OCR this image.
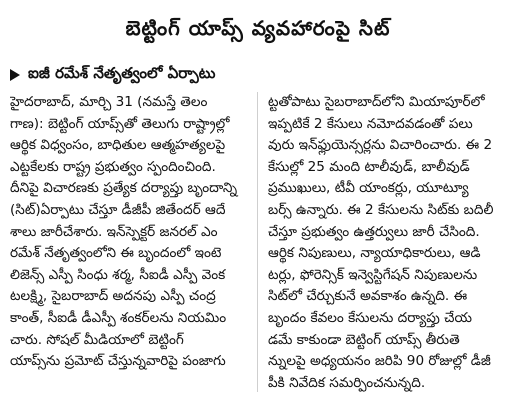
బెట్టింగ్ యాప్స్ వ్యవహారంపై సిట్
ఐజీ రమేశ్ నేతృత్వంలో ఏర్పాటు
హైదరాబాద్, మార్చి 31 (నమస్తే తెలం
గాణ): బెట్టింగ్ యాప్స్‌తో తెలుగు రాష్ట్రాల్లో
ఆర్థిక విధ్వంసం, బాధితుల ఆత్మహత్యలపై
ఎట్టకేలకు రాష్ట్ర ప్రభుత్వం స్పందించింది.
దీనిపై విచారణకు ప్రత్యేక దర్యాప్తు బృందాన్ని
(సిట్)ఏర్పాటు చేస్తూ డీజీపీ జితేందర్ ఆదే
శాలు జారీచేశారు. ఇన్‌స్పెక్టర్ జనరల్ ఎం
రమేశ్ నేతృత్వంలోని ఈ బృందంలో ఇంటె
లిజెన్స్ ఎస్పీ సింధు శర్మ, సీఐడీ ఎస్పీ వెంక
టలక్ష్మి, సైబరాబాద్ అదనపు ఎస్పీ చంద్ర
కాంత్, సీఐడీ డీఎస్పీ శంకర్‌లను నియమిం
చారు. సోషల్ మీడియాలో బెట్టింగ్
యాప్స్‌ను ప్రమోట్ చేస్తున్నవారిపై పంజాగు
ట్టతోపాటు సైబరాబాద్‌లోని మియాపూర్‌లో
ఇప్పటికే 2 కేసులు నమోదవడంతో పలు
వురు ఇన్‌ఫ్లుయెన్సర్లను విచారించారు. ఈ 2
కేసుల్లో 25 మంది టాలీవుడ్, బాలీవుడ్
ప్రముఖులు, టీవీ యాంకర్లు, యూట్యూ
బర్స్ ఉన్నారు. ఈ 2 కేసులను సిట్‌కు బదిలీ
చేస్తూ ప్రభుత్వం ఉత్తర్వులు జారీ చేసింది.
ఆర్థిక నిపుణులు, న్యాయాధికారులు, ఆడి
టర్లు, ఫోరెన్సిక్ ఇన్వెస్టిగేషన్ నిపుణులను
సిట్‌లో చేర్చుకునే అవకాశం ఉన్నది. ఈ
బృందం కేవలం కేసులను దర్యాప్తు చేయ
డమే కాకుండా బెట్టింగ్ యాప్స్ తీరుతె
న్నులపై అధ్యయనం జరిపి 90 రోజుల్లో డీజీ
పీకి నివేదిక సమర్పించనున్నది.
